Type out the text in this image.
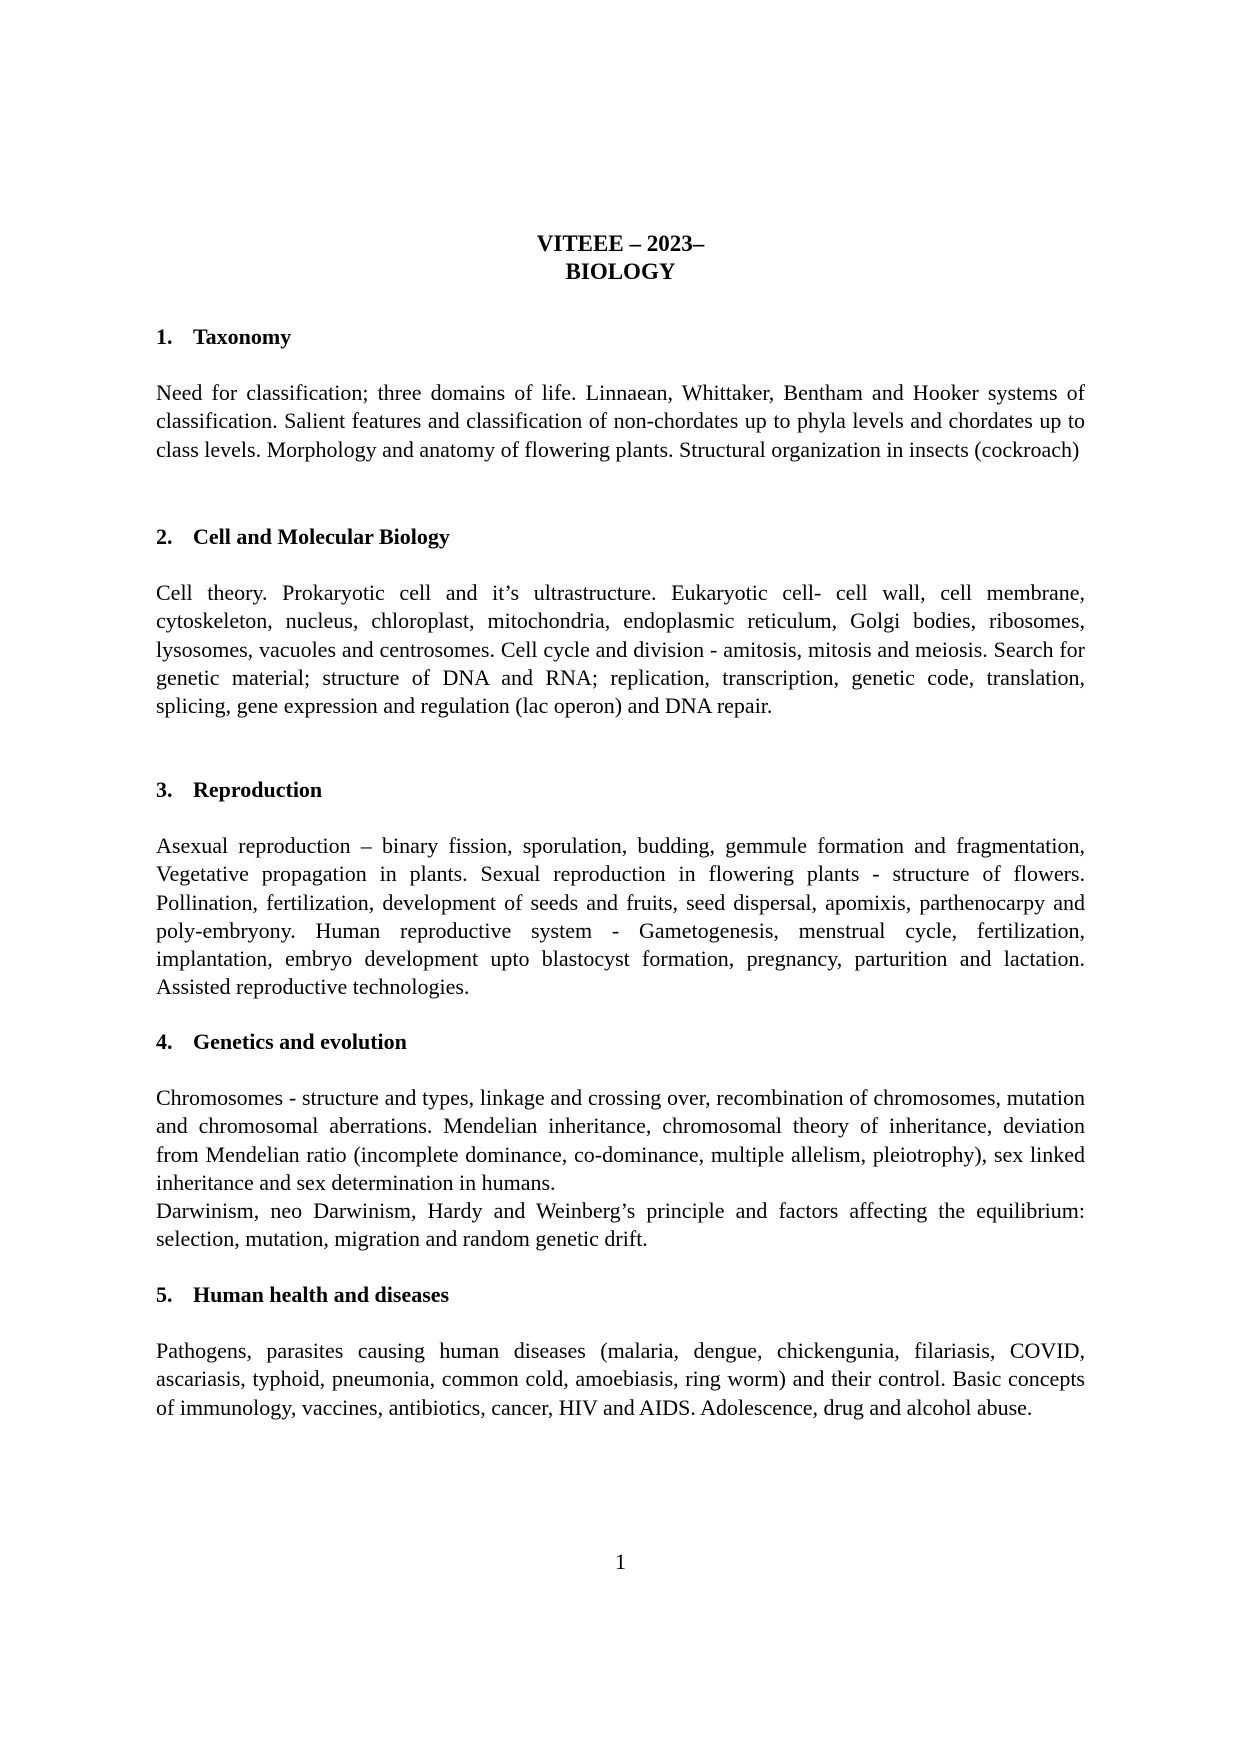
VITEEE – 2023–
BIOLOGY
1. Taxonomy

Need for classification; three domains of life. Linnaean, Whittaker, Bentham and Hooker systems of classification. Salient features and classification of non-chordates up to phyla levels and chordates up to class levels. Morphology and anatomy of flowering plants. Structural organization in insects (cockroach)

2. Cell and Molecular Biology

Cell theory. Prokaryotic cell and it’s ultrastructure. Eukaryotic cell- cell wall, cell membrane, cytoskeleton, nucleus, chloroplast, mitochondria, endoplasmic reticulum, Golgi bodies, ribosomes, lysosomes, vacuoles and centrosomes. Cell cycle and division - amitosis, mitosis and meiosis. Search for genetic material; structure of DNA and RNA; replication, transcription, genetic code, translation, splicing, gene expression and regulation (lac operon) and DNA repair.

3. Reproduction

Asexual reproduction – binary fission, sporulation, budding, gemmule formation and fragmentation, Vegetative propagation in plants. Sexual reproduction in flowering plants - structure of flowers. Pollination, fertilization, development of seeds and fruits, seed dispersal, apomixis, parthenocarpy and poly-embryony. Human reproductive system - Gametogenesis, menstrual cycle, fertilization, implantation, embryo development upto blastocyst formation, pregnancy, parturition and lactation. Assisted reproductive technologies.

4. Genetics and evolution

Chromosomes - structure and types, linkage and crossing over, recombination of chromosomes, mutation and chromosomal aberrations. Mendelian inheritance, chromosomal theory of inheritance, deviation from Mendelian ratio (incomplete dominance, co-dominance, multiple allelism, pleiotrophy), sex linked inheritance and sex determination in humans.

Darwinism, neo Darwinism, Hardy and Weinberg’s principle and factors affecting the equilibrium: selection, mutation, migration and random genetic drift.

5. Human health and diseases

Pathogens, parasites causing human diseases (malaria, dengue, chickengunia, filariasis, COVID, ascariasis, typhoid, pneumonia, common cold, amoebiasis, ring worm) and their control. Basic concepts of immunology, vaccines, antibiotics, cancer, HIV and AIDS. Adolescence, drug and alcohol abuse.

1
